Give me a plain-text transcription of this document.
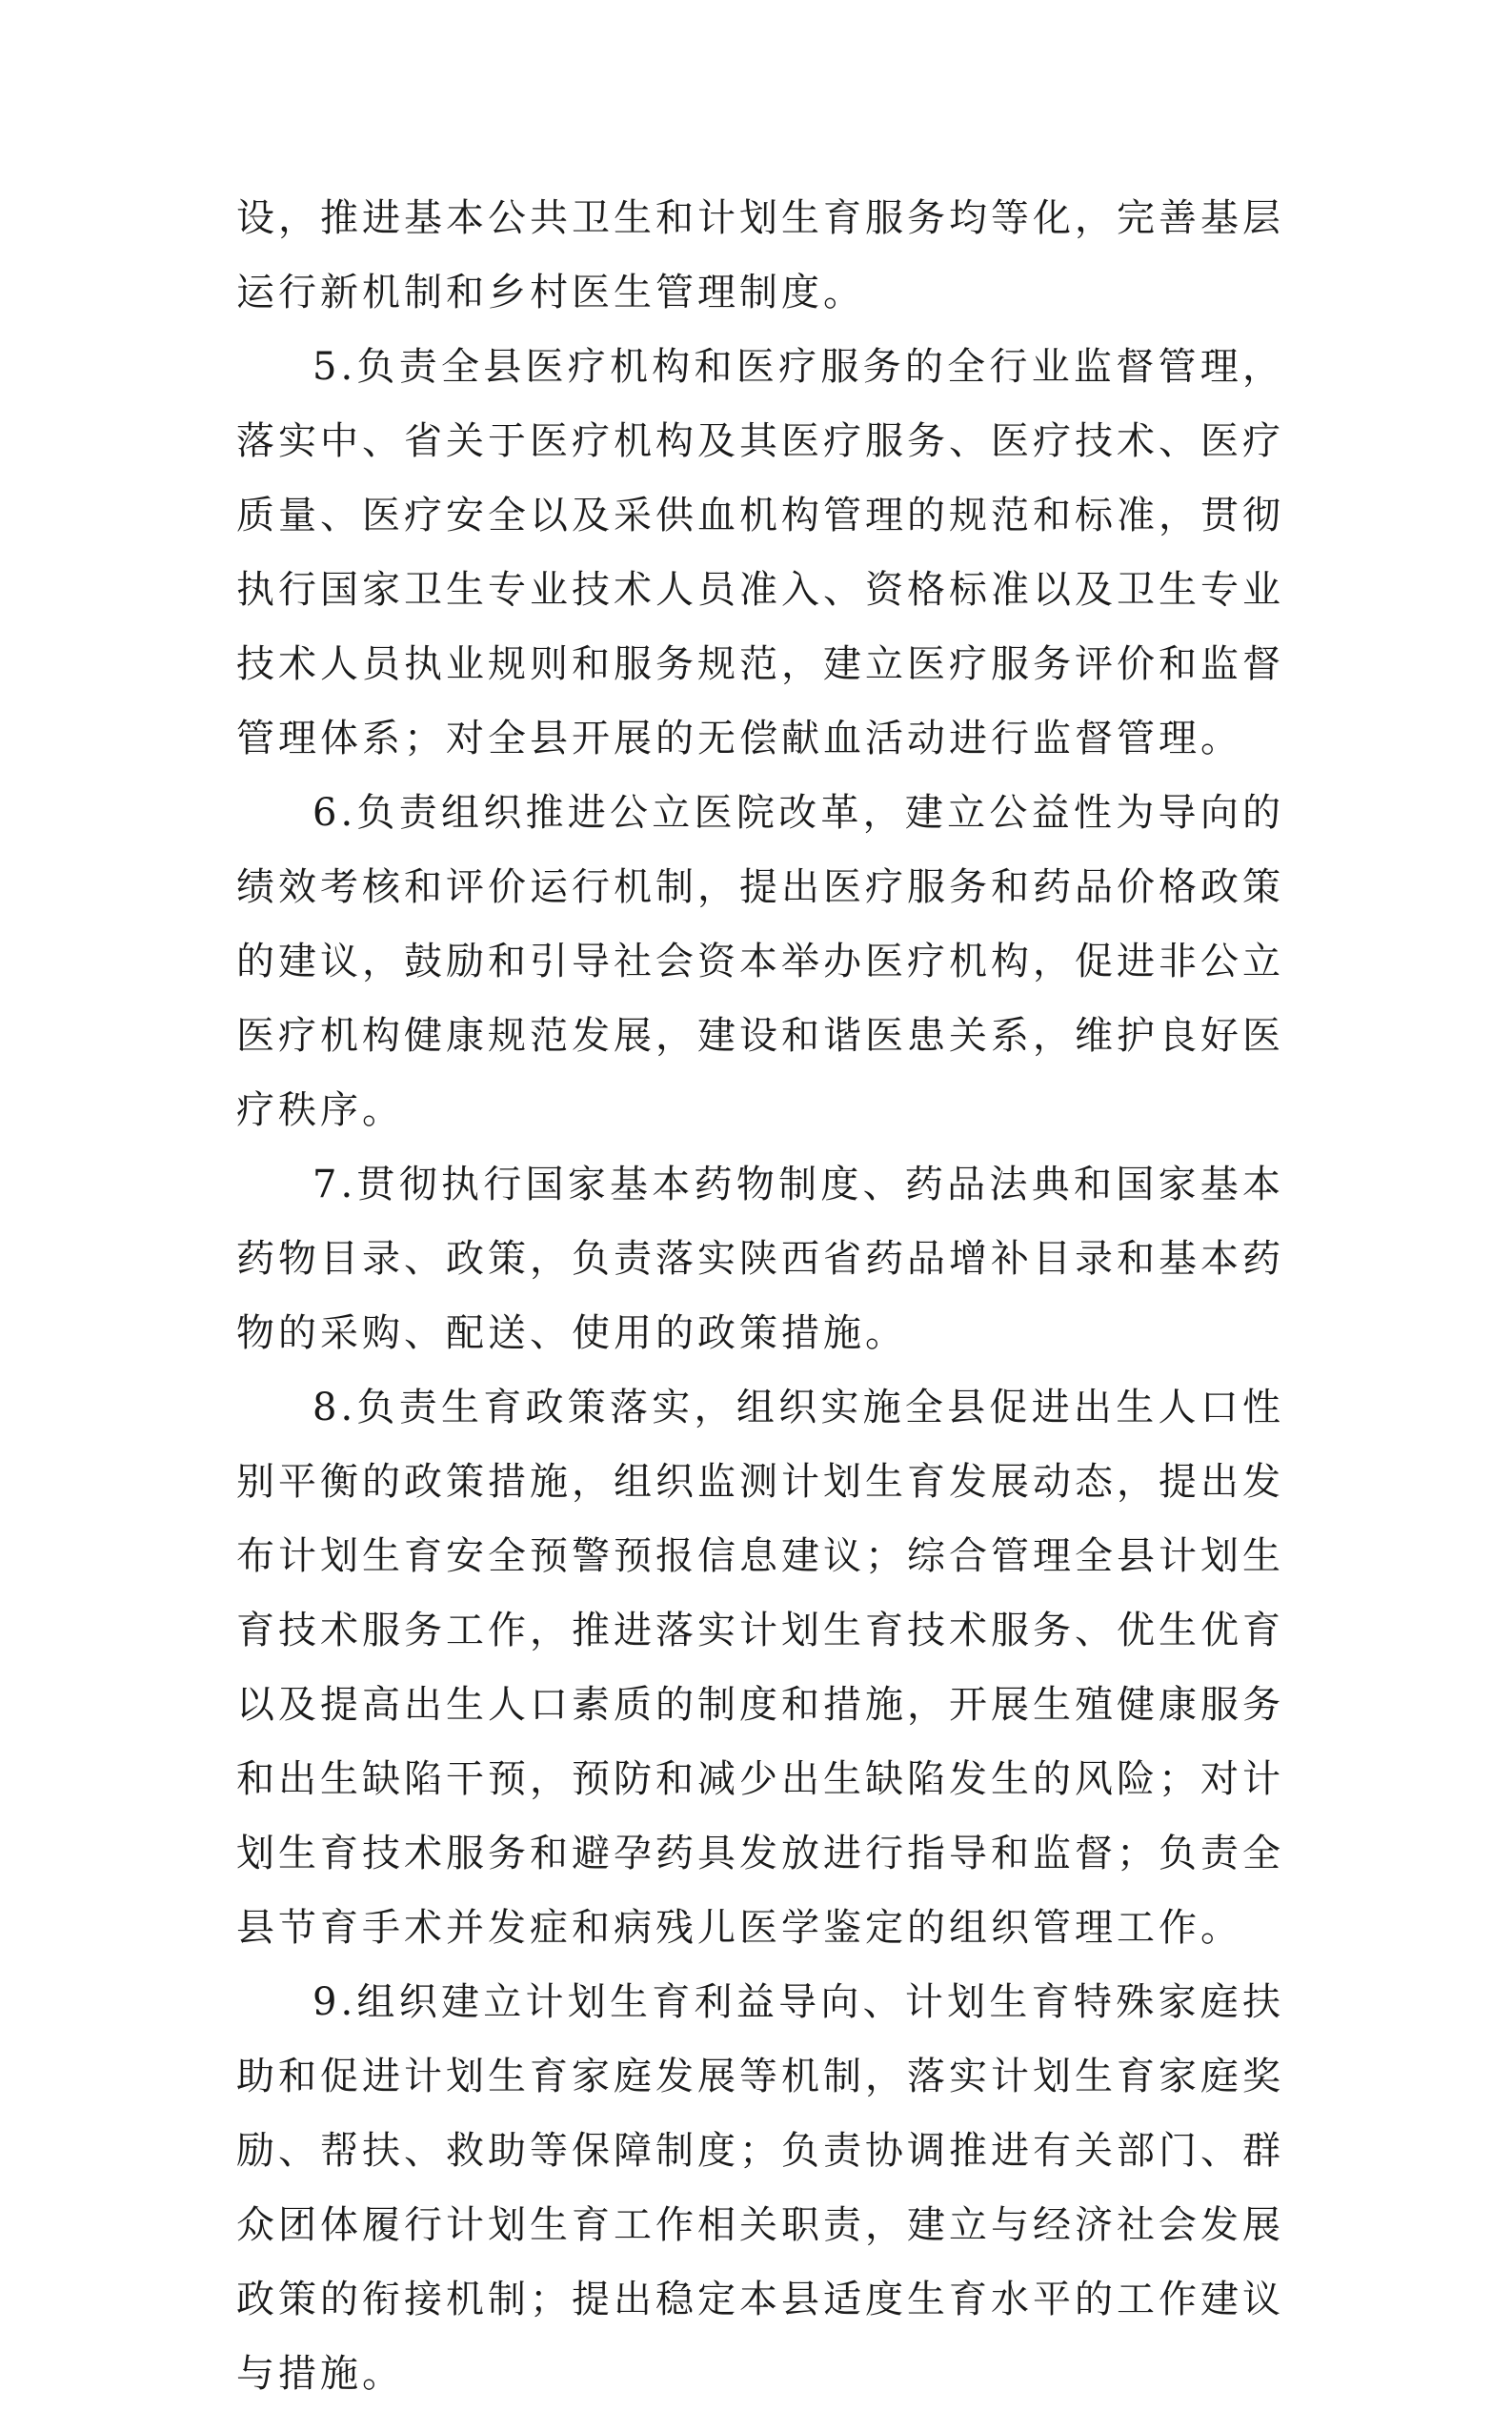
设，推进基本公共卫生和计划生育服务均等化，完善基层运行新机制和乡村医生管理制度。

5.负责全县医疗机构和医疗服务的全行业监督管理，落实中、省关于医疗机构及其医疗服务、医疗技术、医疗质量、医疗安全以及采供血机构管理的规范和标准，贯彻执行国家卫生专业技术人员准入、资格标准以及卫生专业技术人员执业规则和服务规范，建立医疗服务评价和监督管理体系；对全县开展的无偿献血活动进行监督管理。

6.负责组织推进公立医院改革，建立公益性为导向的绩效考核和评价运行机制，提出医疗服务和药品价格政策的建议，鼓励和引导社会资本举办医疗机构，促进非公立医疗机构健康规范发展，建设和谐医患关系，维护良好医疗秩序。

7.贯彻执行国家基本药物制度、药品法典和国家基本药物目录、政策，负责落实陕西省药品增补目录和基本药物的采购、配送、使用的政策措施。

8.负责生育政策落实，组织实施全县促进出生人口性别平衡的政策措施，组织监测计划生育发展动态，提出发布计划生育安全预警预报信息建议；综合管理全县计划生育技术服务工作，推进落实计划生育技术服务、优生优育以及提高出生人口素质的制度和措施，开展生殖健康服务和出生缺陷干预，预防和减少出生缺陷发生的风险；对计划生育技术服务和避孕药具发放进行指导和监督；负责全县节育手术并发症和病残儿医学鉴定的组织管理工作。

9.组织建立计划生育利益导向、计划生育特殊家庭扶助和促进计划生育家庭发展等机制，落实计划生育家庭奖励、帮扶、救助等保障制度；负责协调推进有关部门、群众团体履行计划生育工作相关职责，建立与经济社会发展政策的衔接机制；提出稳定本县适度生育水平的工作建议与措施。
